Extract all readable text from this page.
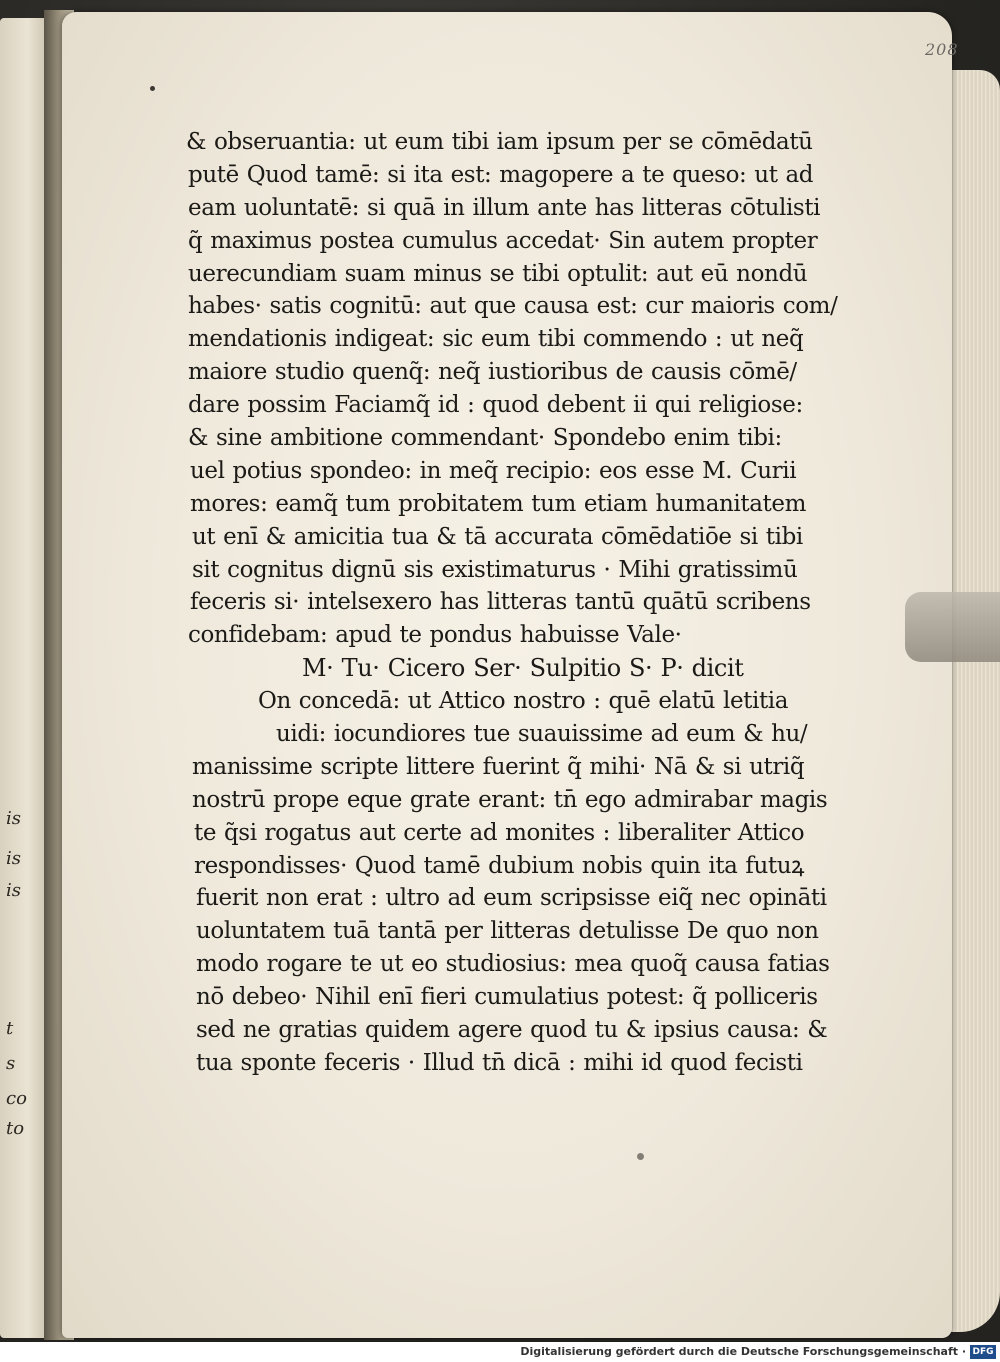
is
is
is
t
s
co
to
208
& obseruantia: ut eum tibi iam ipsum per se cōmēdatū
putē Quod tamē: si ita est: magopere a te queso: ut ad
eam uoluntatē: si quā in illum ante has litteras cōtulisti
q̃ maximus postea cumulus accedat· Sin autem propter
uerecundiam suam minus se tibi optulit: aut eū nondū
habes· satis cognitū: aut que causa est: cur maioris com/
mendationis indigeat: sic eum tibi commendo : ut neq̃
maiore studio quenq̃: neq̃ iustioribus de causis cōmē/
dare possim Faciamq̃ id : quod debent ii qui religiose:
& sine ambitione commendant· Spondebo enim tibi:
uel potius spondeo: in meq̃ recipio: eos esse M. Curii
mores: eamq̃ tum probitatem tum etiam humanitatem
ut enī & amicitia tua & tā accurata cōmēdatiōe si tibi
sit cognitus dignū sis existimaturus · Mihi gratissimū
feceris si· intelsexero has litteras tantū quātū scribens
confidebam: apud te pondus habuisse Vale·
M· Tu· Cicero Ser· Sulpitio S· P· dicit
On concedā: ut Attico nostro : quē elatū letitia
uidi: iocundiores tue suauissime ad eum & hu/
manissime scripte littere fuerint q̃ mihi· Nā & si utriq̃
nostrū prope eque grate erant: tn̄ ego admirabar magis
te q̃si rogatus aut certe ad monites : liberaliter Attico
respondisses· Quod tamē dubium nobis quin ita futuꝝ
fuerit non erat : ultro ad eum scripsisse eiq̃ nec opināti
uoluntatem tuā tantā per litteras detulisse De quo non
modo rogare te ut eo studiosius: mea quoq̃ causa fatias
nō debeo· Nihil enī fieri cumulatius potest: q̃ polliceris
sed ne gratias quidem agere quod tu & ipsius causa: &
tua sponte feceris · Illud tn̄ dicā : mihi id quod fecisti
Digitalisierung gefördert durch die Deutsche Forschungsgemeinschaft · DFG
